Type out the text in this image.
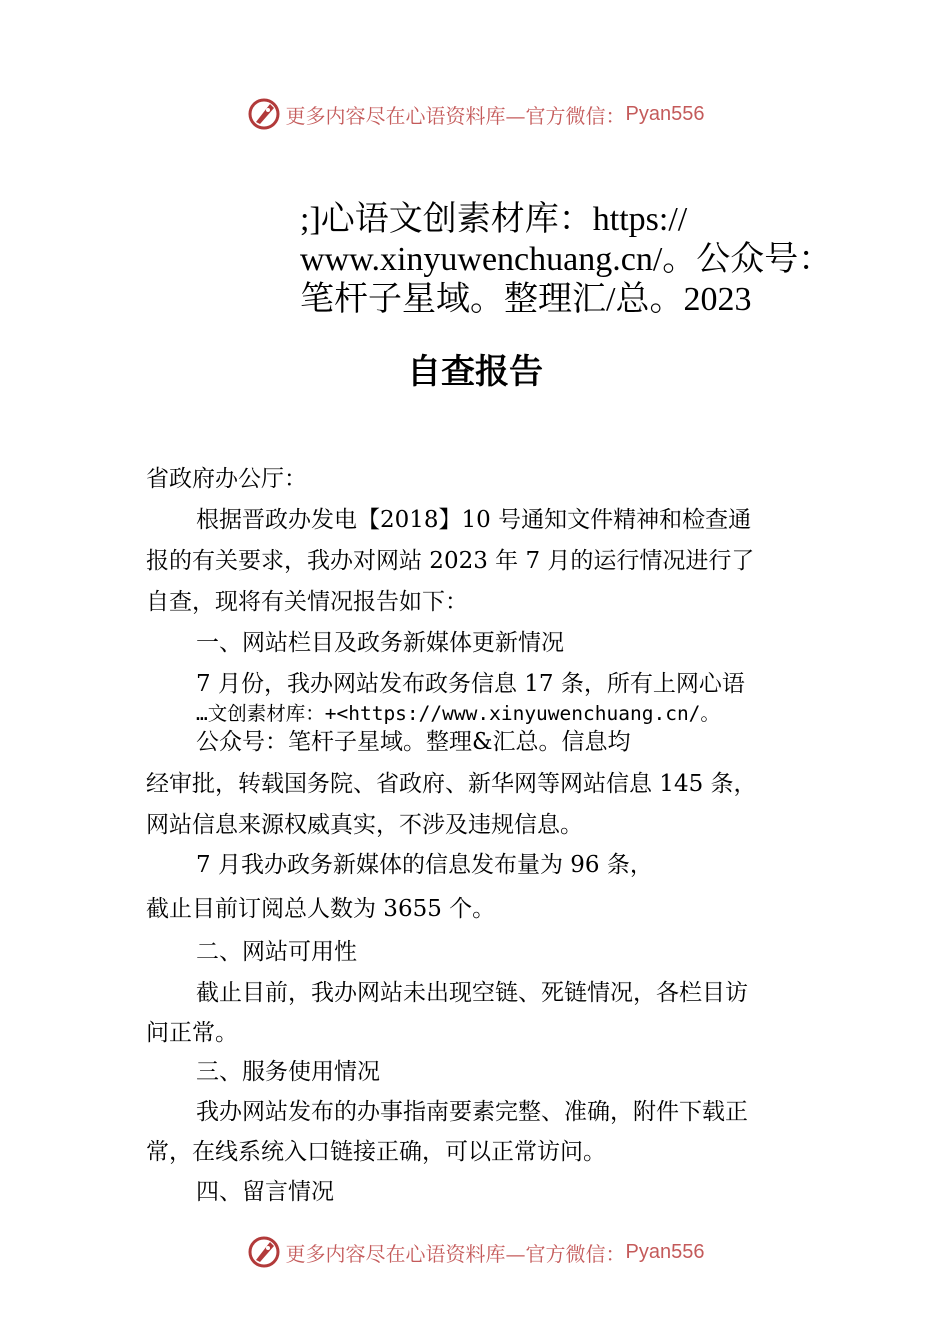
更多内容尽在心语资料库—官方微信： Pyan556
;]心语文创素材库：https://
www.xinyuwenchuang.cn/。公众号：
笔杆子星域。整理汇/总。2023
自查报告
省政府办公厅：
根据晋政办发电【2018】10 号通知文件精神和检查通
报的有关要求，我办对网站 2023 年 7 月的运行情况进行了
自查，现将有关情况报告如下：
一、网站栏目及政务新媒体更新情况
7 月份，我办网站发布政务信息 17 条，所有上网心语
…文创素材库：+<https://www.xinyuwenchuang.cn/。
公众号：笔杆子星域。整理&汇总。信息均
经审批，转载国务院、省政府、新华网等网站信息 145 条，
网站信息来源权威真实，不涉及违规信息。
7 月我办政务新媒体的信息发布量为 96 条，
截止目前订阅总人数为 3655 个。
二、网站可用性
截止目前，我办网站未出现空链、死链情况，各栏目访
问正常。
三、服务使用情况
我办网站发布的办事指南要素完整、准确，附件下载正
常，在线系统入口链接正确，可以正常访问。
四、留言情况
更多内容尽在心语资料库—官方微信： Pyan556
